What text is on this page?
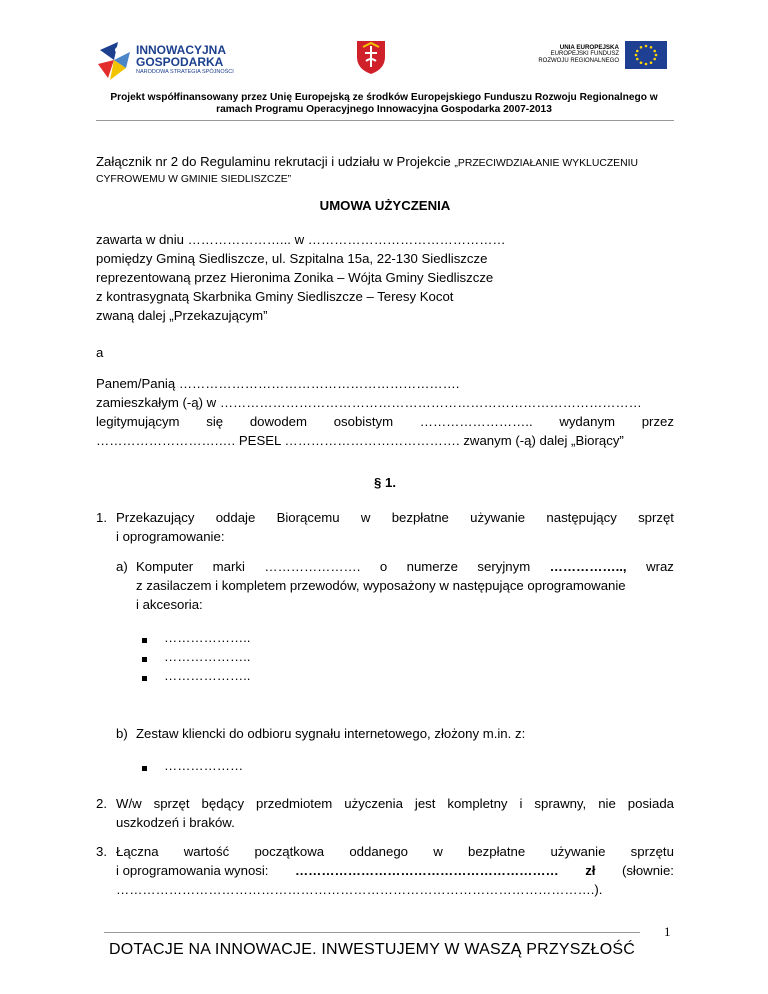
INNOWACYJNA
GOSPODARKA
NARODOWA STRATEGIA SPÓJNOŚCI
UNIA EUROPEJSKA
EUROPEJSKI FUNDUSZ
ROZWOJU REGIONALNEGO
Projekt współfinansowany przez Unię Europejską ze środków Europejskiego Funduszu Rozwoju Regionalnego w
ramach Programu Operacyjnego Innowacyjna Gospodarka 2007-2013
Załącznik nr 2 do Regulaminu rekrutacji i udziału w Projekcie „PRZECIWDZIAŁANIE WYKLUCZENIU
CYFROWEMU W GMINIE SIEDLISZCZE”
UMOWA UŻYCZENIA
zawarta w dniu …………………... w ………………………………………
pomiędzy Gminą Siedliszcze, ul. Szpitalna 15a, 22-130 Siedliszcze
reprezentowaną przez Hieronima Zonika – Wójta Gminy Siedliszcze
z kontrasygnatą Skarbnika Gminy Siedliszcze – Teresy Kocot
zwaną dalej „Przekazującym”
a
Panem/Panią ……………………………………………………….
zamieszkałym (-ą) w ……………………………………………………………………………………
legitymującym się dowodem osobistym …………………….. wydanym przez
……………………….…. PESEL …………………………………. zwanym (-ą) dalej „Biorący”
§ 1.
1. Przekazujący oddaje Biorącemu w bezpłatne używanie następujący sprzęt
i oprogramowanie:
a) Komputer marki …………………. o numerze seryjnym …………….., wraz
z zasilaczem i kompletem przewodów, wyposażony w następujące oprogramowanie
i akcesoria:
………………..
………………..
………………..
b) Zestaw kliencki do odbioru sygnału internetowego, złożony m.in. z:
………………
2. W/w sprzęt będący przedmiotem użyczenia jest kompletny i sprawny, nie posiada
uszkodzeń i braków.
3. Łączna wartość początkowa oddanego w bezpłatne używanie sprzętu
i oprogramowania wynosi: …………………………………………………… zł (słownie:
……………………………………………………………………………………………….).
1
DOTACJE NA INNOWACJE. INWESTUJEMY W WASZĄ PRZYSZŁOŚĆ
